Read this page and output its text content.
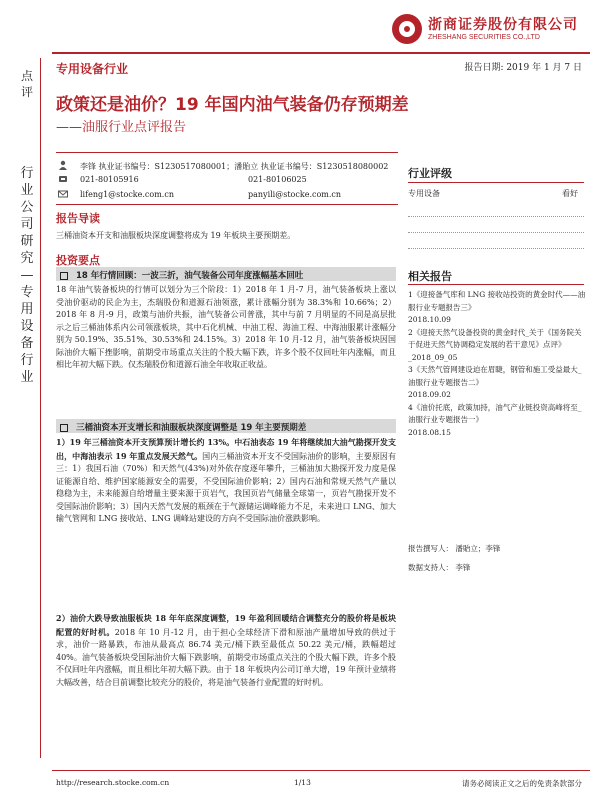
浙商证券股份有限公司
ZHESHANG SECURITIES CO.,LTD
专用设备行业	报告日期: 2019 年 1 月 7 日
点评
行业公司研究—专用设备行业
政策还是油价？19 年国内油气装备仍存预期差
——油服行业点评报告
李锋 执业证书编号：S1230517080001；潘貽立 执业证书编号：S1230518080002
021-80105916	021-80106025
lifeng1@stocke.com.cn	panyili@stocke.com.cn
行业评级
专用设备	看好
报告导读
三桶油资本开支和油服板块深度调整将成为 19 年板块主要预期差。
投资要点
18 年行情回顾：一波三折，油气装备公司年度涨幅基本回吐
18 年油气装备板块的行情可以划分为三个阶段：1）2018 年 1 月-7 月，油气装备板块上涨以受油价驱动的民企为主，杰瑞股份和道源石油领涨，累计涨幅分别为 38.3%和 10.66%；2）2018 年 8 月-9 月，政策与油价共振，油气装备公司普涨，其中与前 7 月明显的不同是高层批示之后三桶油体系内公司领涨板块，其中石化机械、中油工程、海油工程、中海油服累计涨幅分别为 50.19%、35.51%、30.53%和 24.15%。3）2018 年 10 月-12 月，油气装备板块因国际油价大幅下挫影响，前期受市场重点关注的个股大幅下跌，许多个股不仅回吐年内涨幅，而且相比年初大幅下跌。仅杰瑞股份和道源石油全年收取正收益。
三桶油资本开支增长和油服板块深度调整是 19 年主要预期差
1）19 年三桶油资本开支预算预计增长约 13%。中石油表态 19 年将继续加大油气勘探开发支出，中海油表示 19 年重点发展天然气。国内三桶油资本开支不受国际油价的影响，主要原因有三：1）我国石油（70%）和天然气(43%)对外依存度逐年攀升，三桶油加大勘探开发力度是保证能源自给、维护国家能源安全的需要，不受国际油价影响；2）国内石油和常规天然气产量以稳稳为主，未来能源自给增量主要来源于页岩气，我国页岩气储量全球第一，页岩气勘探开发不受国际油价影响；3）国内天然气发展的瓶颈在于气源储运调峰能力不足，未来进口 LNG、加大输气管网和 LNG 接收站、LNG 调峰站建设的方向不受国际油价涨跌影响。
2）油价大跌导致油服板块 18 年年底深度调整，19 年盈利回暖结合调整充分的股价将是板块配置的好时机。2018 年 10 月-12 月，由于担心全球经济下滑和原油产量增加导致的供过于求，油价一路暴跌，布油从最高点 86.74 美元/桶下跌至最低点 50.22 美元/桶，跌幅超过 40%。油气装备板块受国际油价大幅下跌影响，前期受市场重点关注的个股大幅下跌，许多个股不仅回吐年内涨幅，而且相比年初大幅下跌。由于 18 年板块内公司订单大增，19 年预计业绩将大幅改善，结合目前调整比较充分的股价，将是油气装备行业配置的好时机。
相关报告
1《迎接备气库和 LNG 接收站投资的黄金时代——油服行业专题报告三》
2018.10.09
2《迎接天然气设备投资的黄金时代_关于《国务院关于促进天然气协调稳定发展的若干意见》点评》_2018_09_05
3《天然气管网建设迫在眉睫，钢管和施工受益最大_油服行业专题报告二》
2018.09.02
4《油价托底，政策加持，油气产业链投资高峰将至_油服行业专题报告一》
2018.08.15
报告撰写人： 潘貽立；李锋
数据支持人： 李锋
http://research.stocke.com.cn	1/13	请务必阅读正文之后的免责条款部分
